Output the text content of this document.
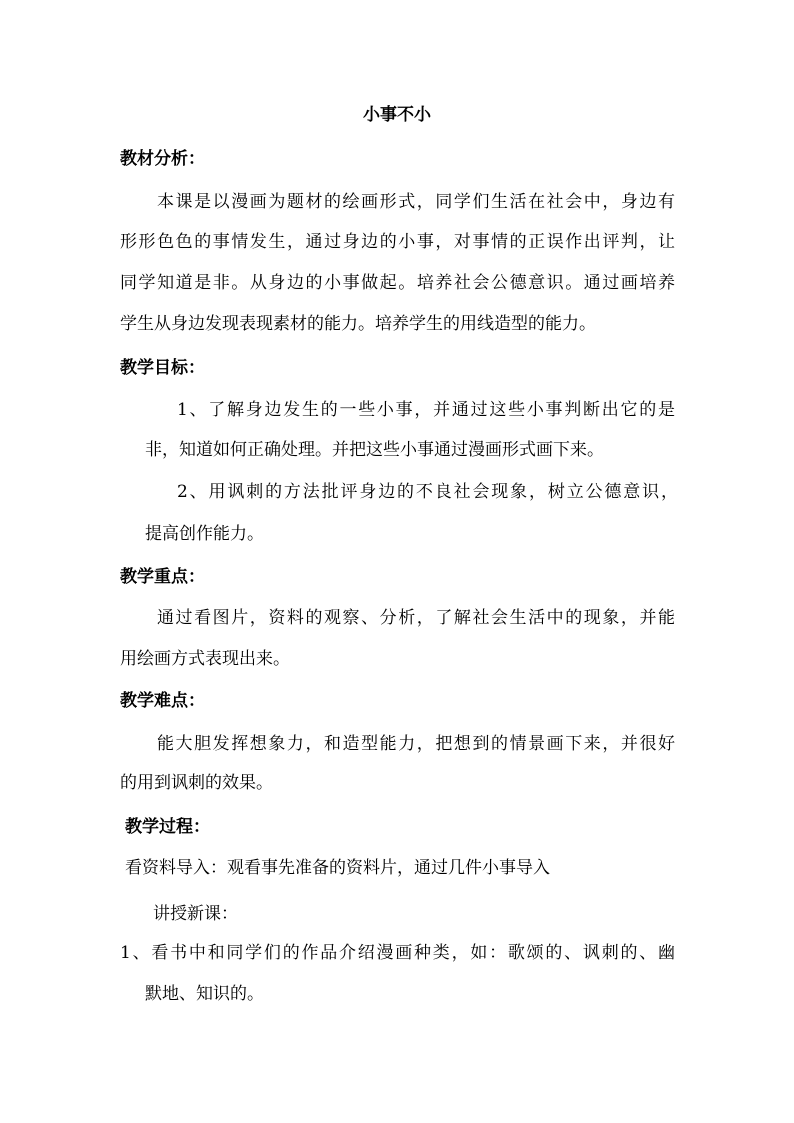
小事不小
教材分析：
本课是以漫画为题材的绘画形式，同学们生活在社会中，身边有
形形色色的事情发生，通过身边的小事，对事情的正误作出评判，让
同学知道是非。从身边的小事做起。培养社会公德意识。通过画培养
学生从身边发现表现素材的能力。培养学生的用线造型的能力。
教学目标：
1、了解身边发生的一些小事，并通过这些小事判断出它的是
非，知道如何正确处理。并把这些小事通过漫画形式画下来。
2、用讽刺的方法批评身边的不良社会现象，树立公德意识，
提高创作能力。
教学重点：
通过看图片，资料的观察、分析，了解社会生活中的现象，并能
用绘画方式表现出来。
教学难点：
能大胆发挥想象力，和造型能力，把想到的情景画下来，并很好
的用到讽刺的效果。
教学过程：
看资料导入：观看事先准备的资料片，通过几件小事导入
讲授新课：
1、看书中和同学们的作品介绍漫画种类，如：歌颂的、讽刺的、幽
默地、知识的。
